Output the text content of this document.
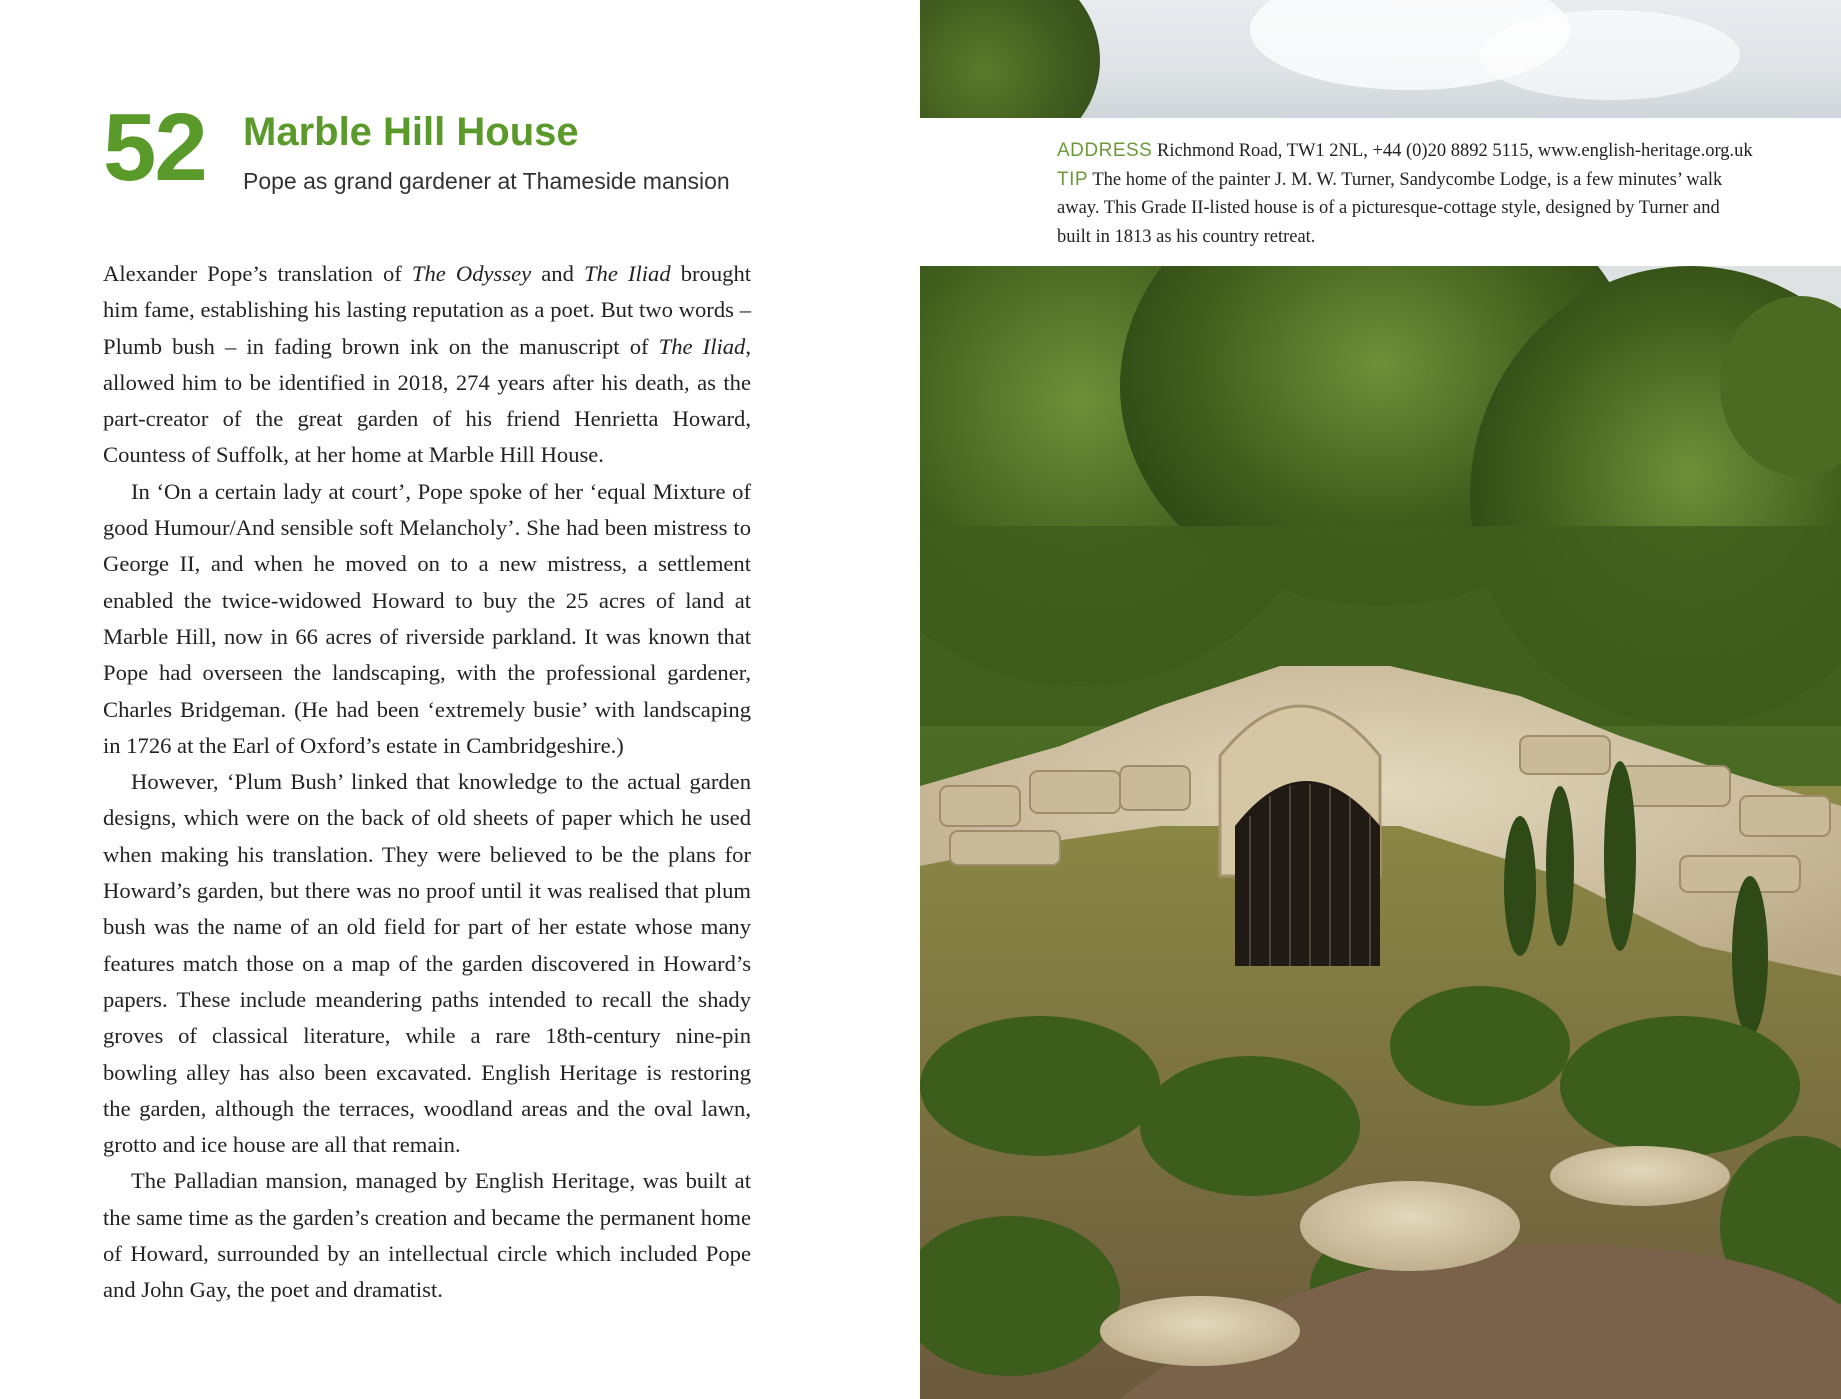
52 Marble Hill House
Pope as grand gardener at Thameside mansion

Alexander Pope’s translation of The Odyssey and The Iliad brought him fame, establishing his lasting reputation as a poet. But two words – Plumb bush – in fading brown ink on the manuscript of The Iliad, allowed him to be identified in 2018, 274 years after his death, as the part-creator of the great garden of his friend Henrietta Howard, Countess of Suffolk, at her home at Marble Hill House.

In ‘On a certain lady at court’, Pope spoke of her ‘equal Mixture of good Humour/And sensible soft Melancholy’. She had been mistress to George II, and when he moved on to a new mistress, a settlement enabled the twice-widowed Howard to buy the 25 acres of land at Marble Hill, now in 66 acres of riverside parkland. It was known that Pope had overseen the landscaping, with the professional gardener, Charles Bridgeman. (He had been ‘extremely busie’ with landscaping in 1726 at the Earl of Oxford’s estate in Cambridgeshire.)

However, ‘Plum Bush’ linked that knowledge to the actual garden designs, which were on the back of old sheets of paper which he used when making his translation. They were believed to be the plans for Howard’s garden, but there was no proof until it was realised that plum bush was the name of an old field for part of her estate whose many features match those on a map of the garden discovered in Howard’s papers. These include meandering paths intended to recall the shady groves of classical literature, while a rare 18th-century nine-pin bowling alley has also been excavated. English Heritage is restoring the garden, although the terraces, woodland areas and the oval lawn, grotto and ice house are all that remain.

The Palladian mansion, managed by English Heritage, was built at the same time as the garden’s creation and became the permanent home of Howard, surrounded by an intellectual circle which included Pope and John Gay, the poet and dramatist.

ADDRESS Richmond Road, TW1 2NL, +44 (0)20 8892 5115, www.english-heritage.org.uk
TIP The home of the painter J. M. W. Turner, Sandycombe Lodge, is a few minutes’ walk
away. This Grade II-listed house is of a picturesque-cottage style, designed by Turner and
built in 1813 as his country retreat.
